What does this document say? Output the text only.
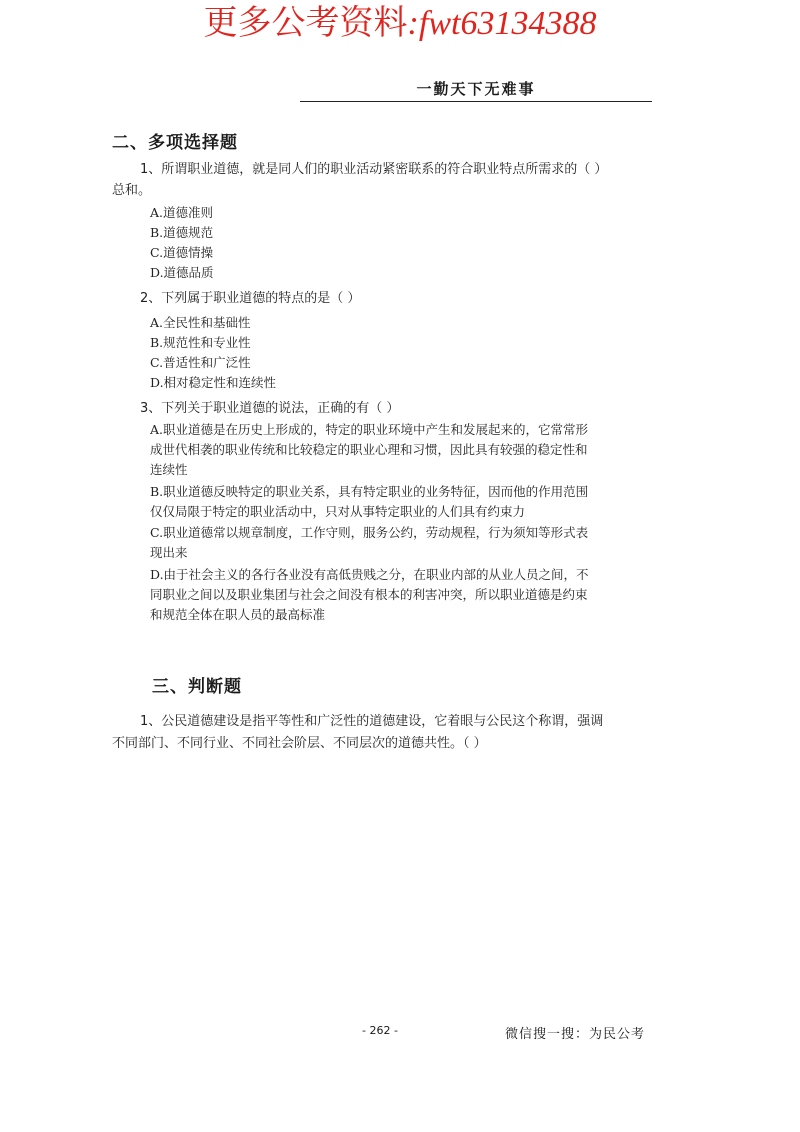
更多公考资料:fwt63134388
一勤天下无难事
二、多项选择题
1、所谓职业道德，就是同人们的职业活动紧密联系的符合职业特点所需求的（ ）
总和。
A.道德准则
B.道德规范
C.道德情操
D.道德品质
2、下列属于职业道德的特点的是（ ）
A.全民性和基础性
B.规范性和专业性
C.普适性和广泛性
D.相对稳定性和连续性
3、下列关于职业道德的说法，正确的有（ ）
A.职业道德是在历史上形成的，特定的职业环境中产生和发展起来的，它常常形
成世代相袭的职业传统和比较稳定的职业心理和习惯，因此具有较强的稳定性和
连续性
B.职业道德反映特定的职业关系，具有特定职业的业务特征，因而他的作用范围
仅仅局限于特定的职业活动中，只对从事特定职业的人们具有约束力
C.职业道德常以规章制度，工作守则，服务公约，劳动规程，行为须知等形式表
现出来
D.由于社会主义的各行各业没有高低贵贱之分，在职业内部的从业人员之间，不
同职业之间以及职业集团与社会之间没有根本的利害冲突，所以职业道德是约束
和规范全体在职人员的最高标准
三、判断题
1、公民道德建设是指平等性和广泛性的道德建设，它着眼与公民这个称谓，强调
不同部门、不同行业、不同社会阶层、不同层次的道德共性。（ ）
​
- 262 -	微信搜一搜：为民公考
